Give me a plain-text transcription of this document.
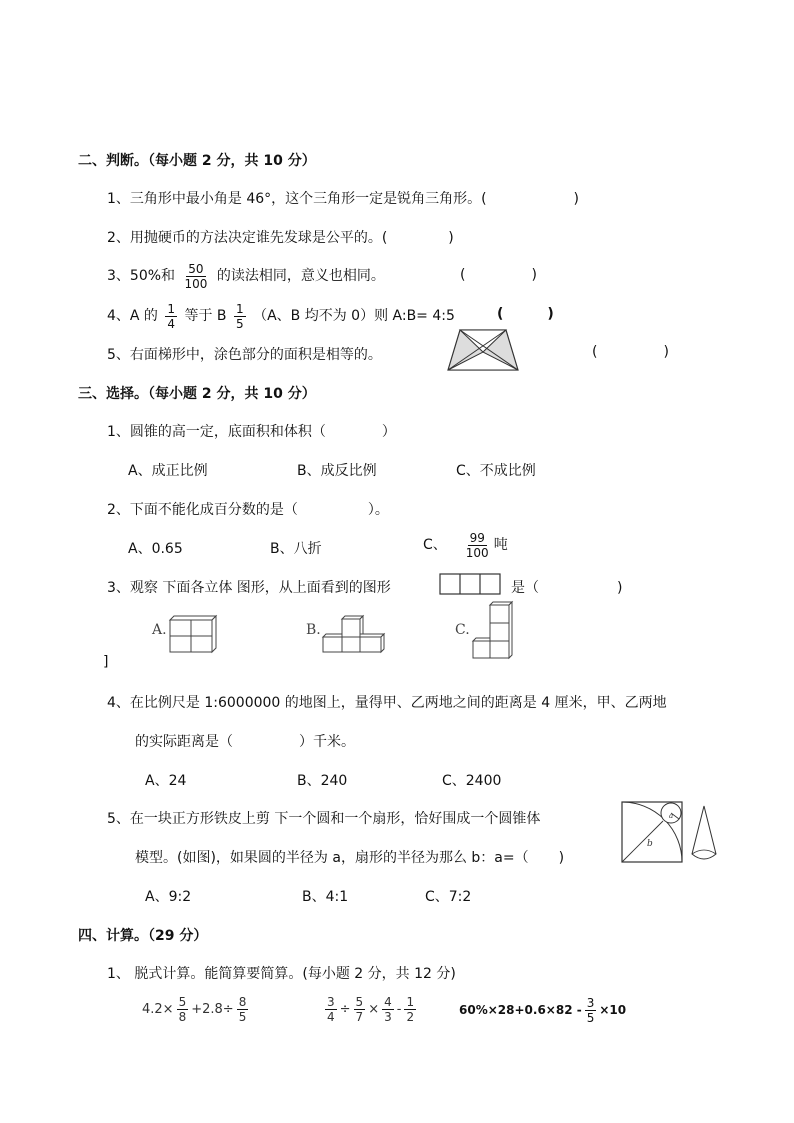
二、判断。（每小题 2 分，共 10 分）
1、三角形中最小角是 46°，这个三角形一定是锐角三角形。(	)
2、用抛硬币的方法决定谁先发球是公平的。(	)
3、50%和 $\frac{50}{100}$ 的读法相同，意义也相同。	(	)
4、A 的 $\frac{1}{4}$ 等于 B $\frac{1}{5} (A$、B 均不为 0）则 A:B= 4:5	(	)
5、右面梯形中，涂色部分的面积是相等的。	(	)
三、选择。（每小题 2 分，共 10 分）
1、圆锥的高一定，底面积和体积（	）
A、成正比例	B、成反比例	C、不成比例
2、下面不能化成百分数的是（	）。
A、0.65	B、八折	C、 $\frac{99}{100}$ 吨
3、观察 下面各立体 图形，从上面看到的图形	是（	)
A.	B.	C.
]
4、在比例尺是 1:6000000 的地图上，量得甲、乙两地之间的距离是 4 厘米，甲、乙两地
的实际距离是（	）千米。
A、24	B、240	C、2400
5、在一块正方形铁皮上剪 下一个圆和一个扇形，恰好围成一个圆锥体
模型。(如图)，如果圆的半径为 a，扇形的半径为那么 b：a=（ )
b
a
A、9:2	B、4:1	C、7:2
四、计算。（29 分）
1、 脱式计算。能简算要简算。(每小题 2 分，共 12 分)
$4.2\times \frac{5}{8} +2.8\div \frac{8}{5}$	$\frac{3}{4} \div \frac{5}{7} \times \frac{4}{3} - \frac{1}{2}$	$60\%\times 28+0.6\times 82 - \frac{3}{5} \times 10$
